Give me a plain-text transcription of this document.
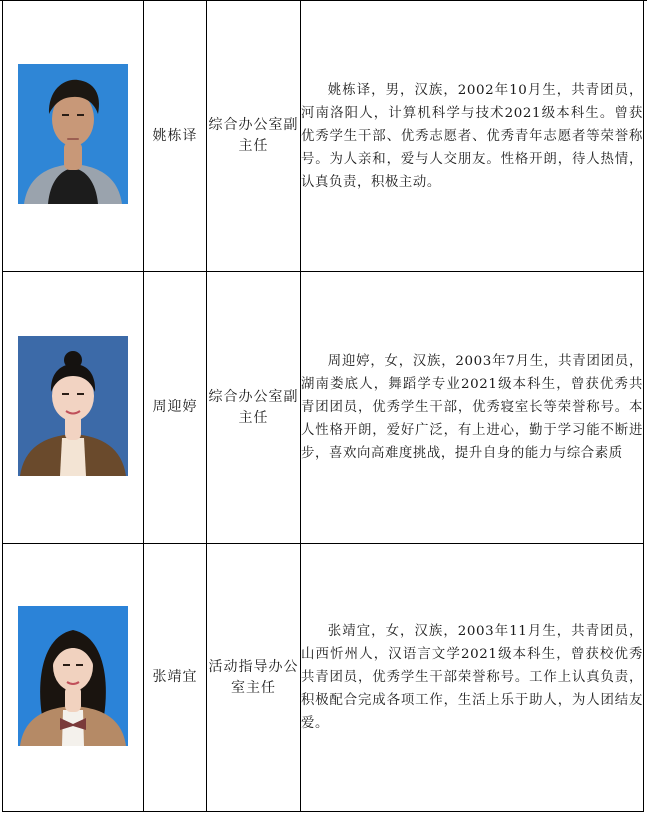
	姚栋译	综合办公室副主任	姚栋译，男，汉族，2002年10月生，共青团员，河南洛阳人，计算机科学与技术2021级本科生。曾获优秀学生干部、优秀志愿者、优秀青年志愿者等荣誉称号。为人亲和，爱与人交朋友。性格开朗，待人热情，认真负责，积极主动。

	周迎婷	综合办公室副主任	周迎婷，女，汉族，2003年7月生，共青团团员，湖南娄底人，舞蹈学专业2021级本科生，曾获优秀共青团团员，优秀学生干部，优秀寝室长等荣誉称号。本人性格开朗，爱好广泛，有上进心，勤于学习能不断进步，喜欢向高难度挑战，提升自身的能力与综合素质

	张靖宜	活动指导办公室主任	张靖宜，女，汉族，2003年11月生，共青团员，山西忻州人，汉语言文学2021级本科生，曾获校优秀共青团员，优秀学生干部荣誉称号。工作上认真负责，积极配合完成各项工作，生活上乐于助人，为人团结友爱。
